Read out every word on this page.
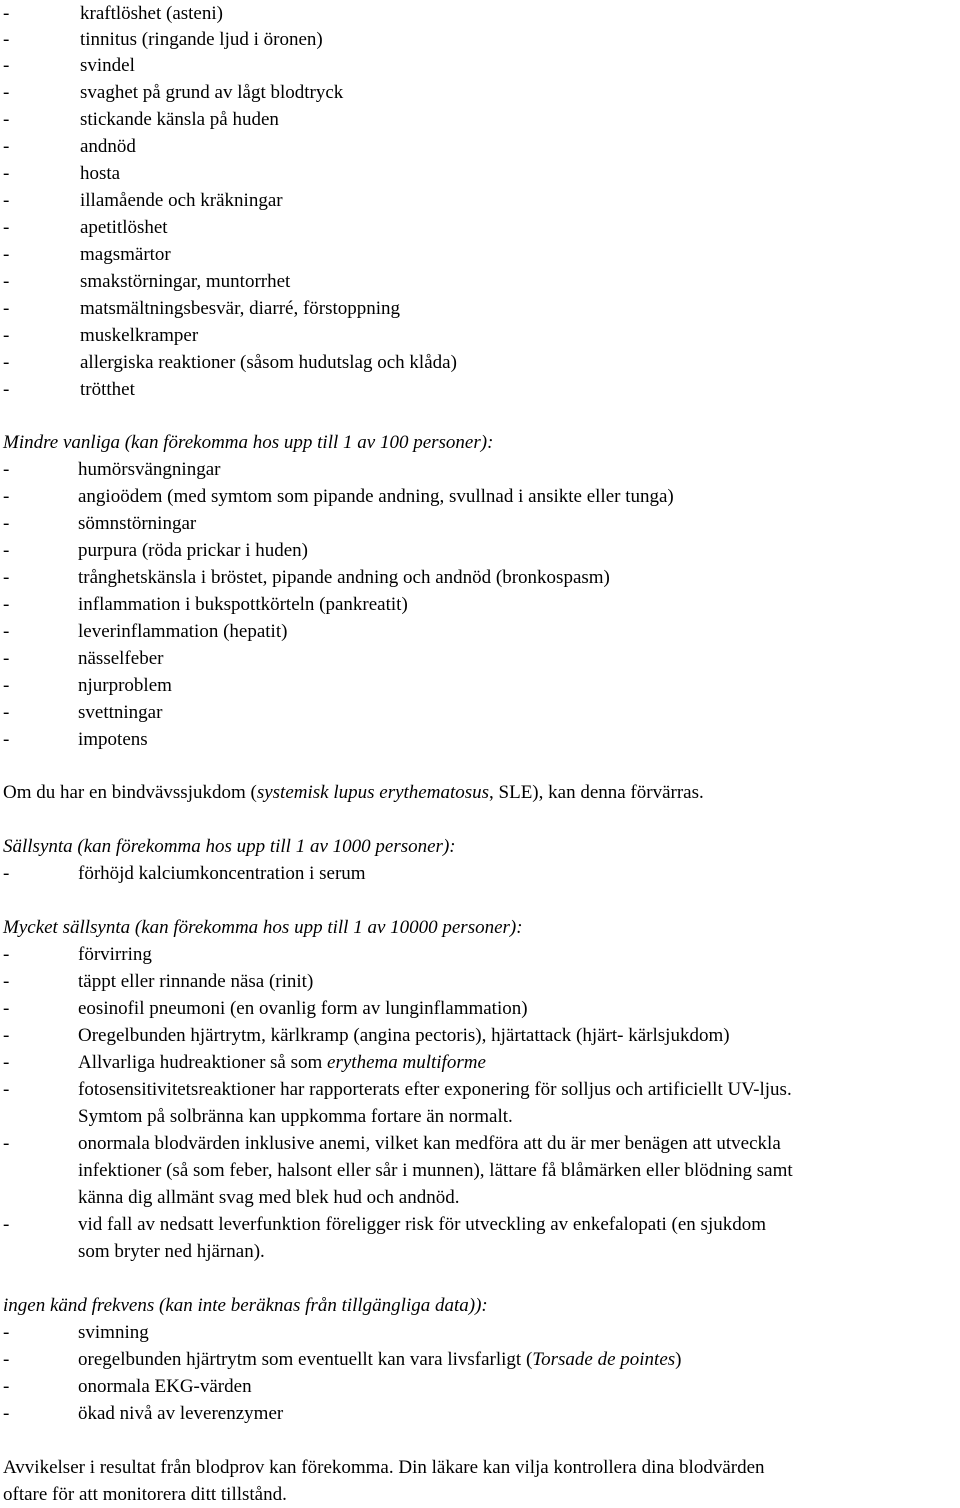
-	kraftlöshet (asteni)
-	tinnitus (ringande ljud i öronen)
-	svindel
-	svaghet på grund av lågt blodtryck
-	stickande känsla på huden
-	andnöd
-	hosta
-	illamående och kräkningar
-	apetitlöshet
-	magsmärtor
-	smakstörningar, muntorrhet
-	matsmältningsbesvär, diarré, förstoppning
-	muskelkramper
-	allergiska reaktioner (såsom hudutslag och klåda)
-	trötthet
Mindre vanliga (kan förekomma hos upp till 1 av 100 personer):
-	humörsvängningar
-	angioödem (med symtom som pipande andning, svullnad i ansikte eller tunga)
-	sömnstörningar
-	purpura (röda prickar i huden)
-	trånghetskänsla i bröstet, pipande andning och andnöd (bronkospasm)
-	inflammation i bukspottkörteln (pankreatit)
-	leverinflammation (hepatit)
-	nässelfeber
-	njurproblem
-	svettningar
-	impotens
Om du har en bindvävssjukdom (systemisk lupus erythematosus, SLE), kan denna förvärras.
Sällsynta (kan förekomma hos upp till 1 av 1000 personer):
-	förhöjd kalciumkoncentration i serum
Mycket sällsynta (kan förekomma hos upp till 1 av 10000 personer):
-	förvirring
-	täppt eller rinnande näsa (rinit)
-	eosinofil pneumoni (en ovanlig form av lunginflammation)
-	Oregelbunden hjärtrytm, kärlkramp (angina pectoris), hjärtattack (hjärt- kärlsjukdom)
-	Allvarliga hudreaktioner så som erythema multiforme
-	fotosensitivitetsreaktioner har rapporterats efter exponering för solljus och artificiellt UV-ljus.
Symtom på solbränna kan uppkomma fortare än normalt.
-	onormala blodvärden inklusive anemi, vilket kan medföra att du är mer benägen att utveckla
infektioner (så som feber, halsont eller sår i munnen), lättare få blåmärken eller blödning samt
känna dig allmänt svag med blek hud och andnöd.
-	vid fall av nedsatt leverfunktion föreligger risk för utveckling av enkefalopati (en sjukdom
som bryter ned hjärnan).
ingen känd frekvens (kan inte beräknas från tillgängliga data)):
-	svimning
-	oregelbunden hjärtrytm som eventuellt kan vara livsfarligt (Torsade de pointes)
-	onormala EKG-värden
-	ökad nivå av leverenzymer
Avvikelser i resultat från blodprov kan förekomma. Din läkare kan vilja kontrollera dina blodvärden
oftare för att monitorera ditt tillstånd.
